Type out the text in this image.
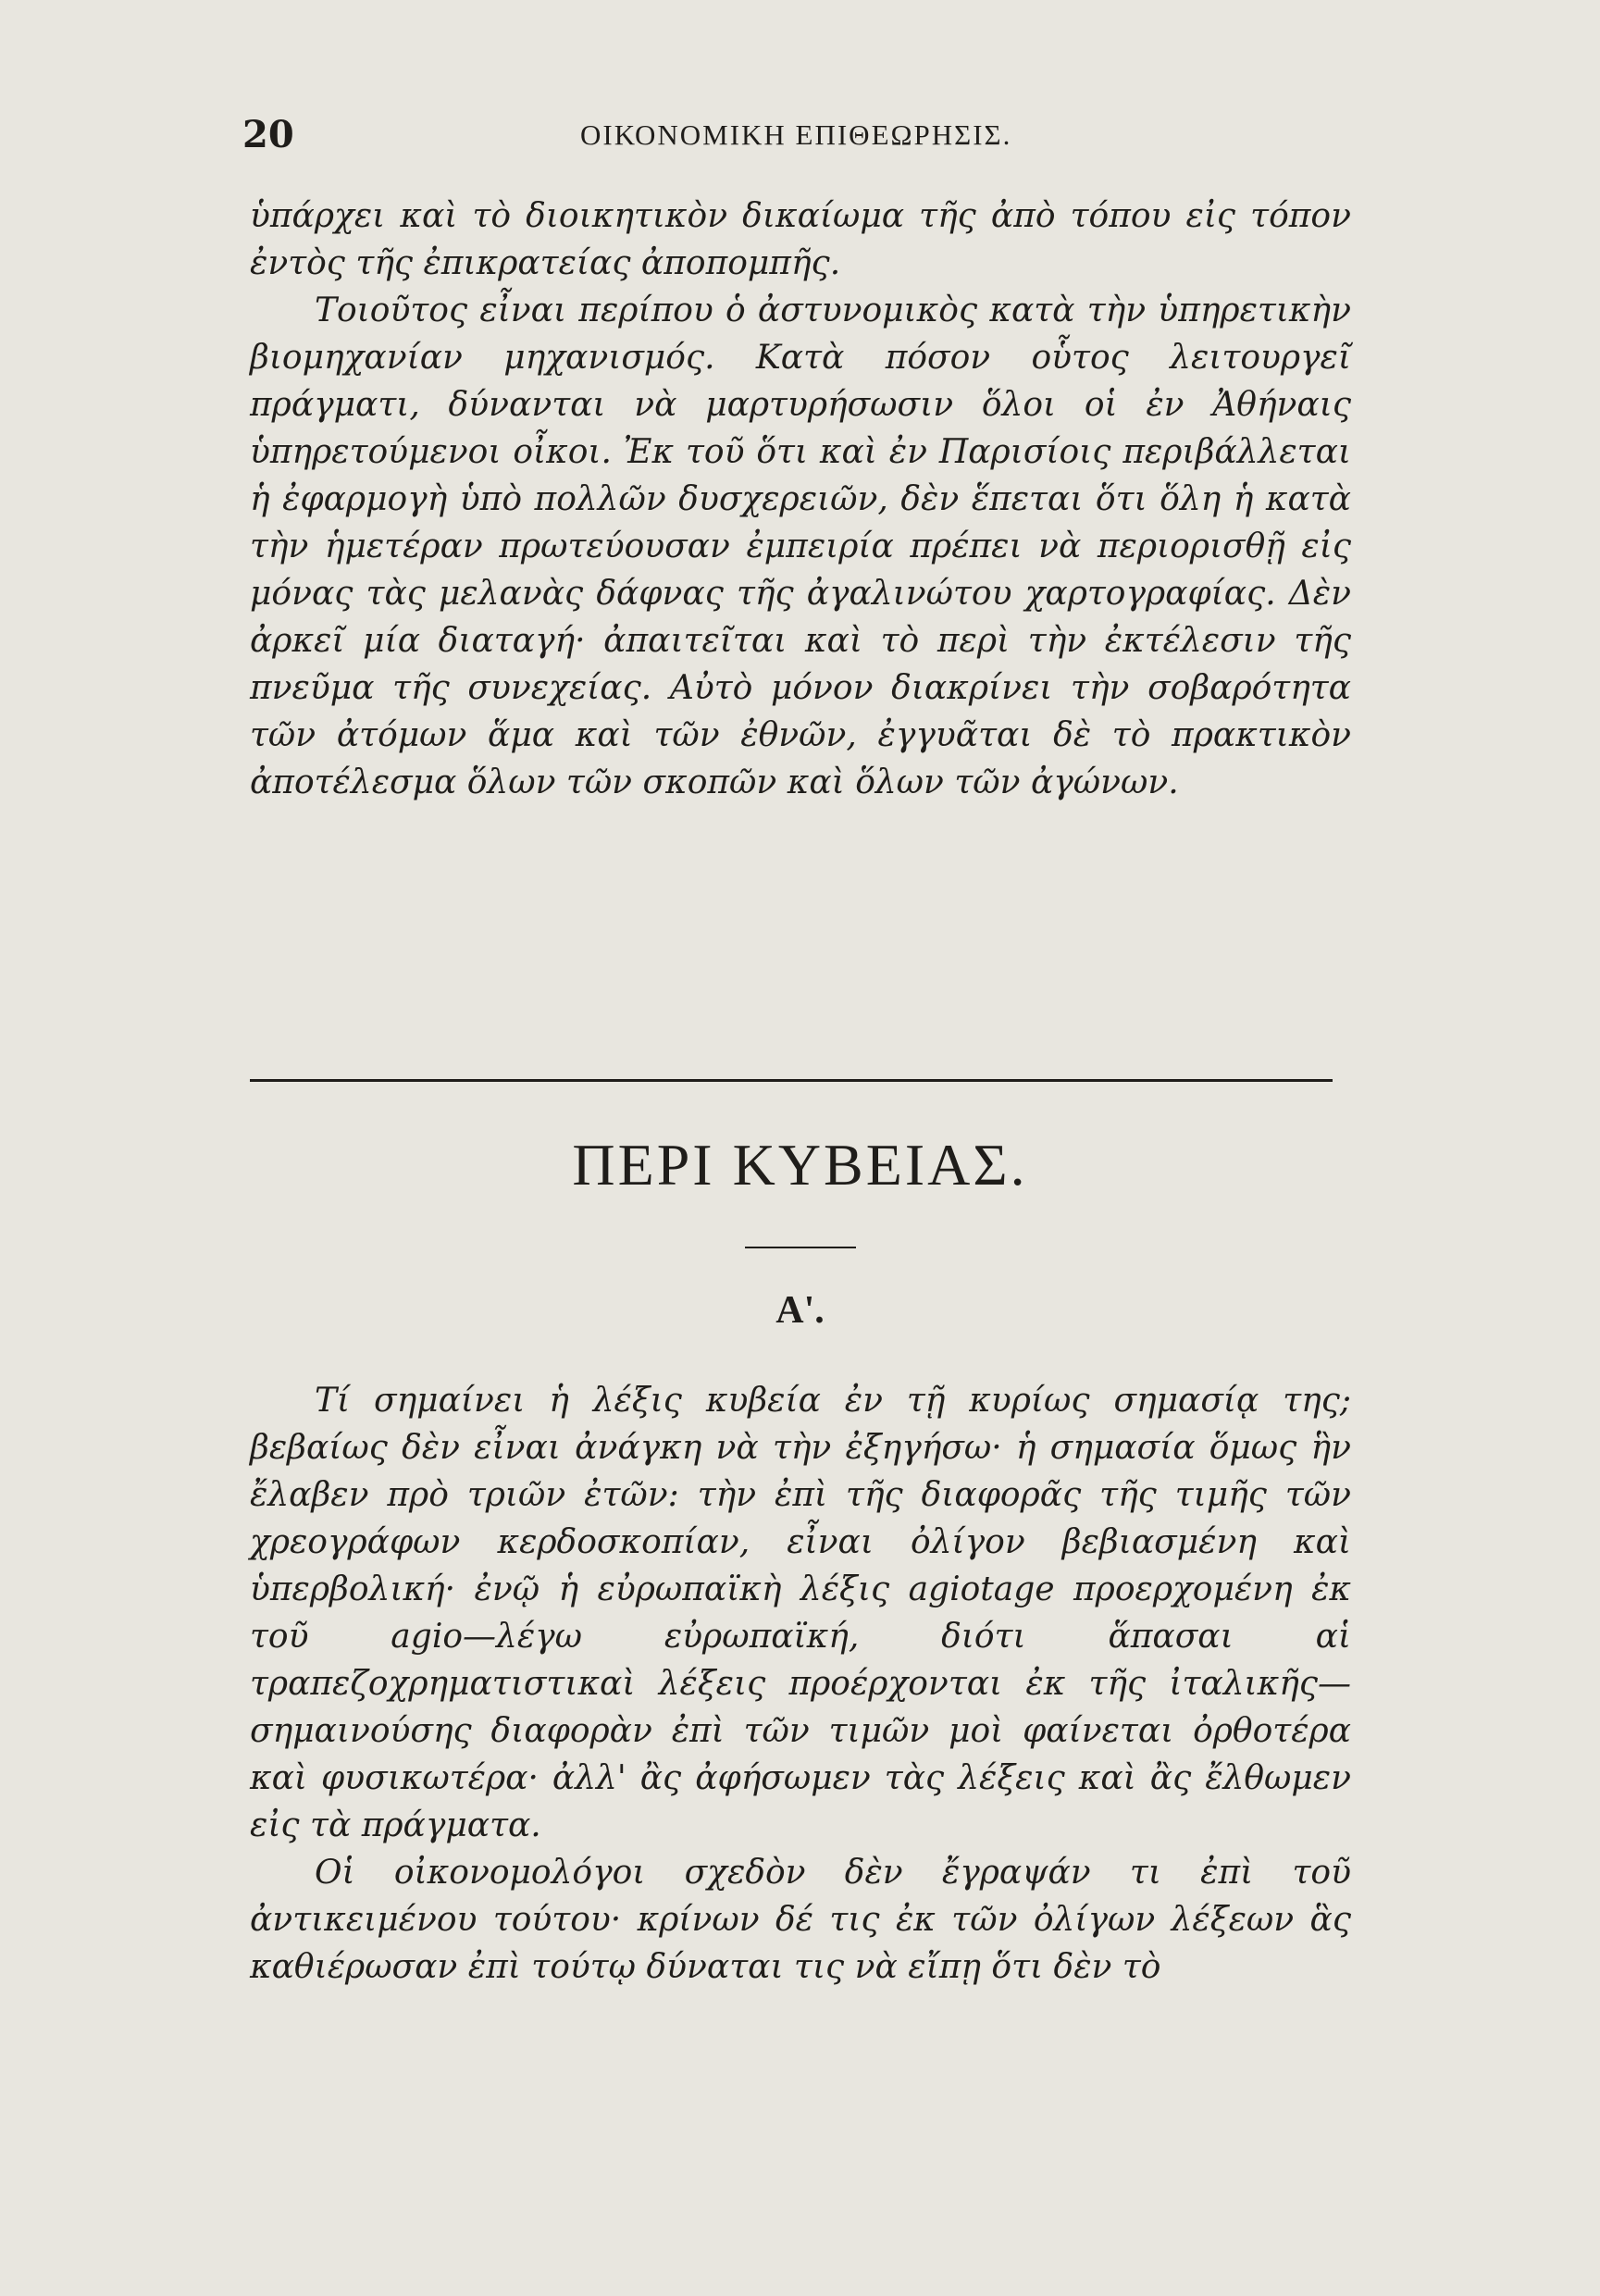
20	ΟΙΚΟΝΟΜΙΚΗ ΕΠΙΘΕΩΡΗΣΙΣ.

ὑπάρχει καὶ τὸ διοικητικὸν δικαίωμα τῆς ἀπὸ τόπου εἰς τόπον ἐντὸς τῆς ἐπικρατείας ἀποπομπῆς.

Τοιοῦτος εἶναι περίπου ὁ ἀστυνομικὸς κατὰ τὴν ὑπηρετικὴν βιομηχανίαν μηχανισμός. Κατὰ πόσον οὗτος λειτουργεῖ πράγματι, δύνανται νὰ μαρτυρήσωσιν ὅλοι οἱ ἐν Ἀθήναις ὑπηρετούμενοι οἶκοι. Ἐκ τοῦ ὅτι καὶ ἐν Παρισίοις περιβάλλεται ἡ ἐφαρμογὴ ὑπὸ πολλῶν δυσχερειῶν, δὲν ἕπεται ὅτι ὅλη ἡ κατὰ τὴν ἡμετέραν πρωτεύουσαν ἐμπειρία πρέπει νὰ περιορισθῇ εἰς μόνας τὰς μελανὰς δάφνας τῆς ἀγαλινώτου χαρτογραφίας. Δὲν ἀρκεῖ μία διαταγή· ἀπαιτεῖται καὶ τὸ περὶ τὴν ἐκτέλεσιν τῆς πνεῦμα τῆς συνεχείας. Αὐτὸ μόνον διακρίνει τὴν σοβαρότητα τῶν ἀτόμων ἅμα καὶ τῶν ἐθνῶν, ἐγγυᾶται δὲ τὸ πρακτικὸν ἀποτέλεσμα ὅλων τῶν σκοπῶν καὶ ὅλων τῶν ἀγώνων.

ΠΕΡΙ ΚΥΒΕΙΑΣ.
Α'.

Τί σημαίνει ἡ λέξις κυβεία ἐν τῇ κυρίως σημασίᾳ της; βεβαίως δὲν εἶναι ἀνάγκη νὰ τὴν ἐξηγήσω· ἡ σημασία ὅμως ἣν ἔλαβεν πρὸ τριῶν ἐτῶν: τὴν ἐπὶ τῆς διαφορᾶς τῆς τιμῆς τῶν χρεογράφων κερδοσκοπίαν, εἶναι ὀλίγον βεβιασμένη καὶ ὑπερβολική· ἐνῷ ἡ εὐρωπαϊκὴ λέξις agiotage προερχομένη ἐκ τοῦ agio—λέγω εὐρωπαϊκή, διότι ἅπασαι αἱ τραπεζοχρηματιστικαὶ λέξεις προέρχονται ἐκ τῆς ἰταλικῆς—σημαινούσης διαφορὰν ἐπὶ τῶν τιμῶν μοὶ φαίνεται ὀρθοτέρα καὶ φυσικωτέρα· ἀλλ' ἂς ἀφήσωμεν τὰς λέξεις καὶ ἂς ἔλθωμεν εἰς τὰ πράγματα.

Οἱ οἰκονομολόγοι σχεδὸν δὲν ἔγραψάν τι ἐπὶ τοῦ ἀντικειμένου τούτου· κρίνων δέ τις ἐκ τῶν ὀλίγων λέξεων ἃς καθιέρωσαν ἐπὶ τούτῳ δύναται τις νὰ εἴπῃ ὅτι δὲν τὸ
